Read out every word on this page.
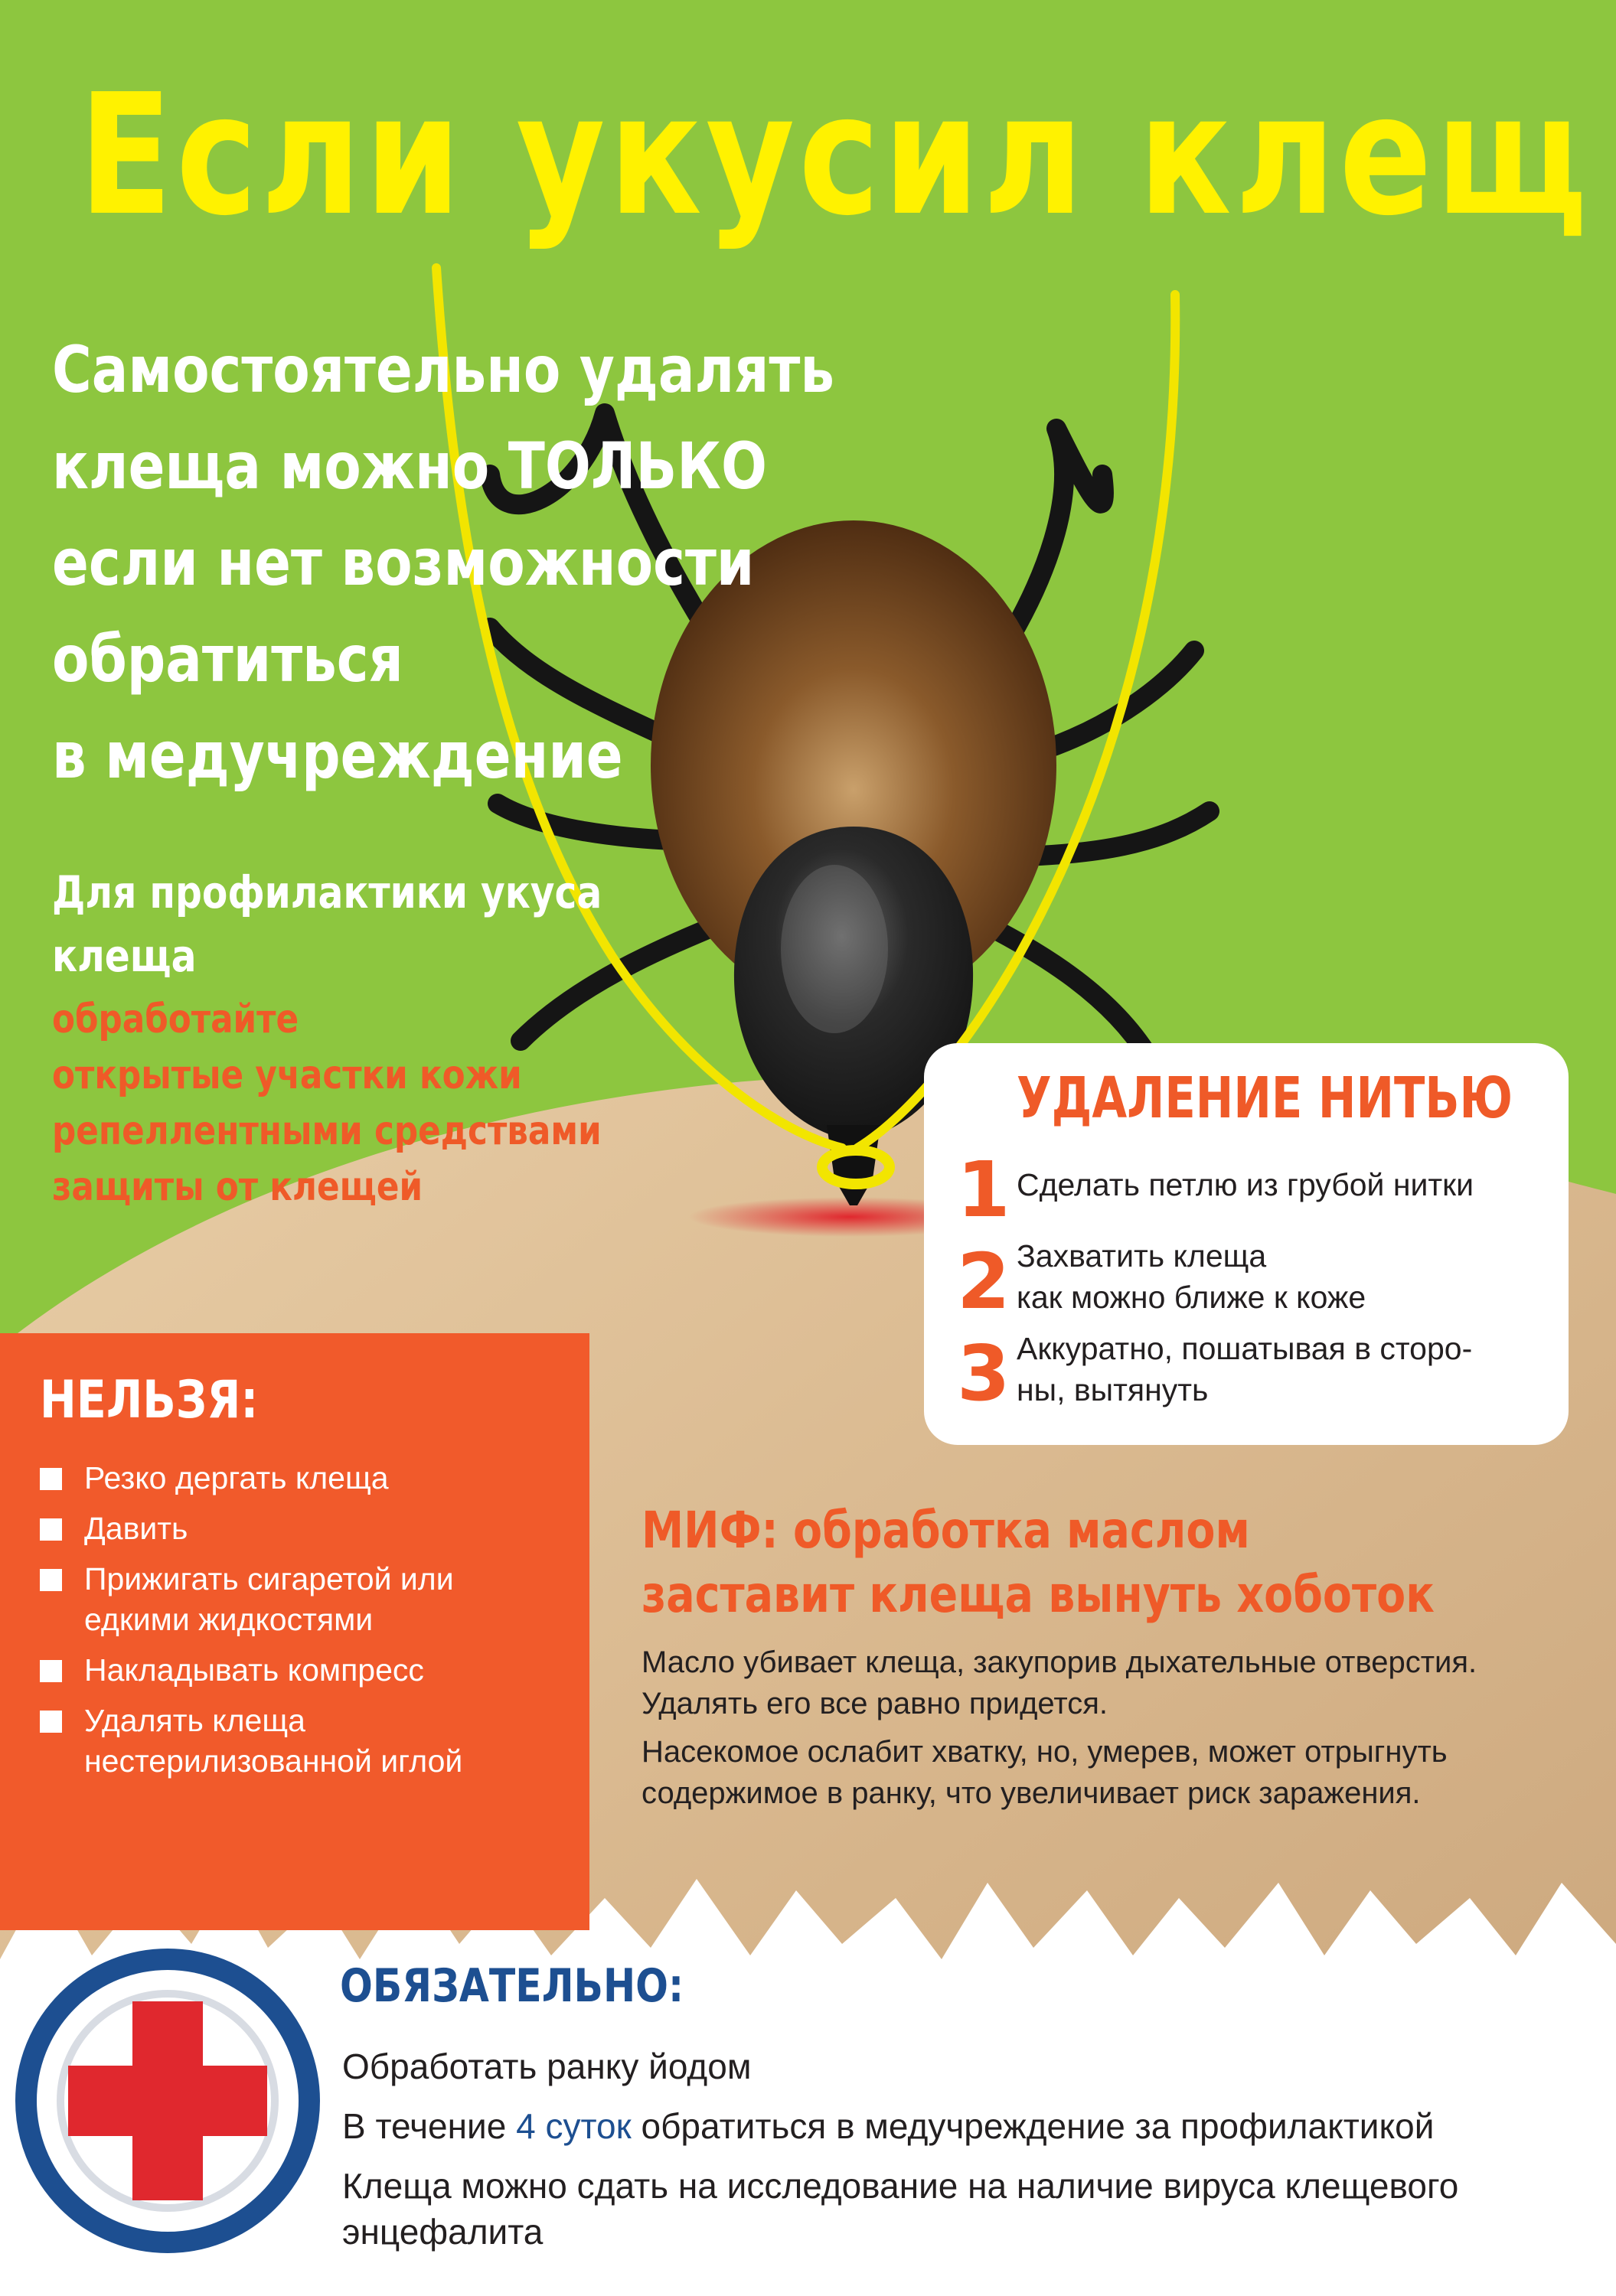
Если укусил клещ
Самостоятельно удалять
клеща можно ТОЛЬКО
если нет возможности
обратиться
в медучреждение
Для профилактики укуса
клеща
обработайте
открытые участки кожи
репеллентными средствами
защиты от клещей
УДАЛЕНИЕ НИТЬЮ
1 Сделать петлю из грубой нитки
2 Захватить клеща
как можно ближе к коже
3 Аккуратно, пошатывая в сторо-
ны, вытянуть
НЕЛЬЗЯ:
Резко дергать клеща
Давить
Прижигать сигаретой или
едкими жидкостями
Накладывать компресс
Удалять клеща
нестерилизованной иглой
МИФ: обработка маслом
заставит клеща вынуть хоботок
Масло убивает клеща, закупорив дыхательные отверстия.
Удалять его все равно придется.
Насекомое ослабит хватку, но, умерев, может отрыгнуть
содержимое в ранку, что увеличивает риск заражения.
ОБЯЗАТЕЛЬНО:
Обработать ранку йодом
В течение 4 суток обратиться в медучреждение за профилактикой
Клеща можно сдать на исследование на наличие вируса клещевого
энцефалита
